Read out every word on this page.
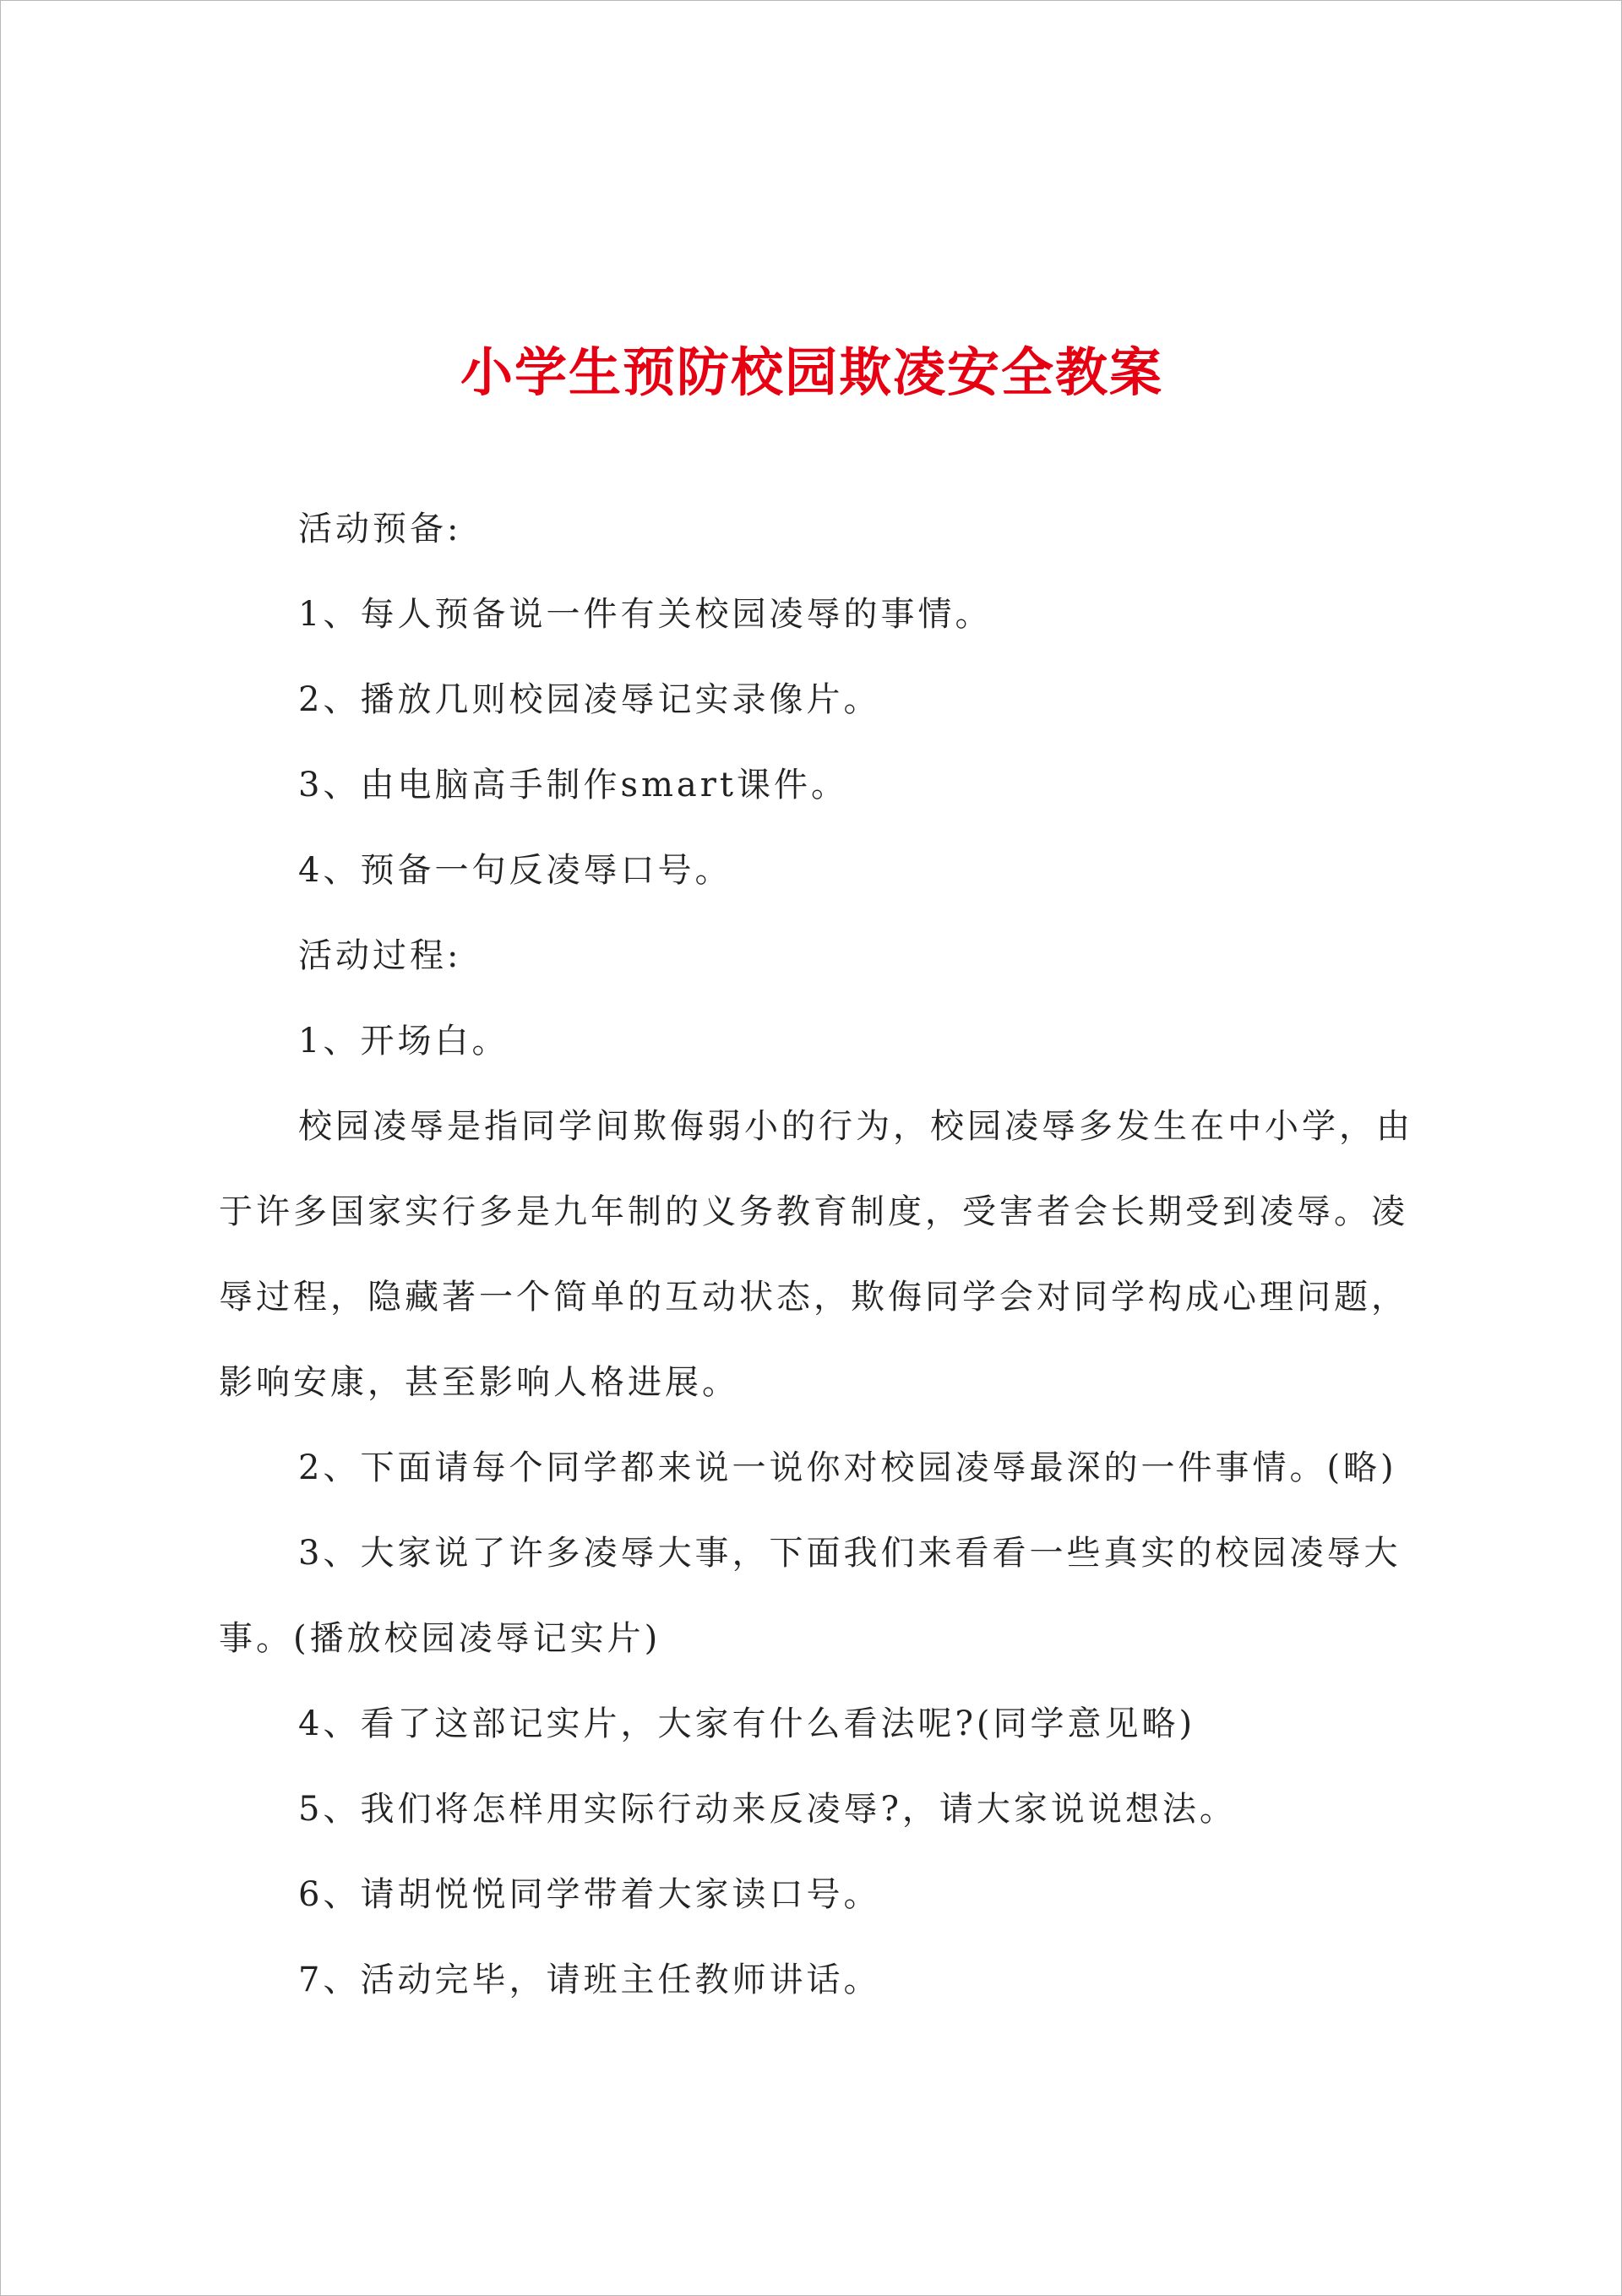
小学生预防校园欺凌安全教案

活动预备:

1、每人预备说一件有关校园凌辱的事情。

2、播放几则校园凌辱记实录像片。

3、由电脑高手制作smart课件。

4、预备一句反凌辱口号。

活动过程:

1、开场白。

校园凌辱是指同学间欺侮弱小的行为，校园凌辱多发生在中小学，由于许多国家实行多是九年制的义务教育制度，受害者会长期受到凌辱。凌辱过程，隐藏著一个简单的互动状态，欺侮同学会对同学构成心理问题，影响安康，甚至影响人格进展。

2、下面请每个同学都来说一说你对校园凌辱最深的一件事情。(略)

3、大家说了许多凌辱大事，下面我们来看看一些真实的校园凌辱大事。(播放校园凌辱记实片)

4、看了这部记实片，大家有什么看法呢?(同学意见略)

5、我们将怎样用实际行动来反凌辱?，请大家说说想法。

6、请胡悦悦同学带着大家读口号。

7、活动完毕，请班主任教师讲话。
